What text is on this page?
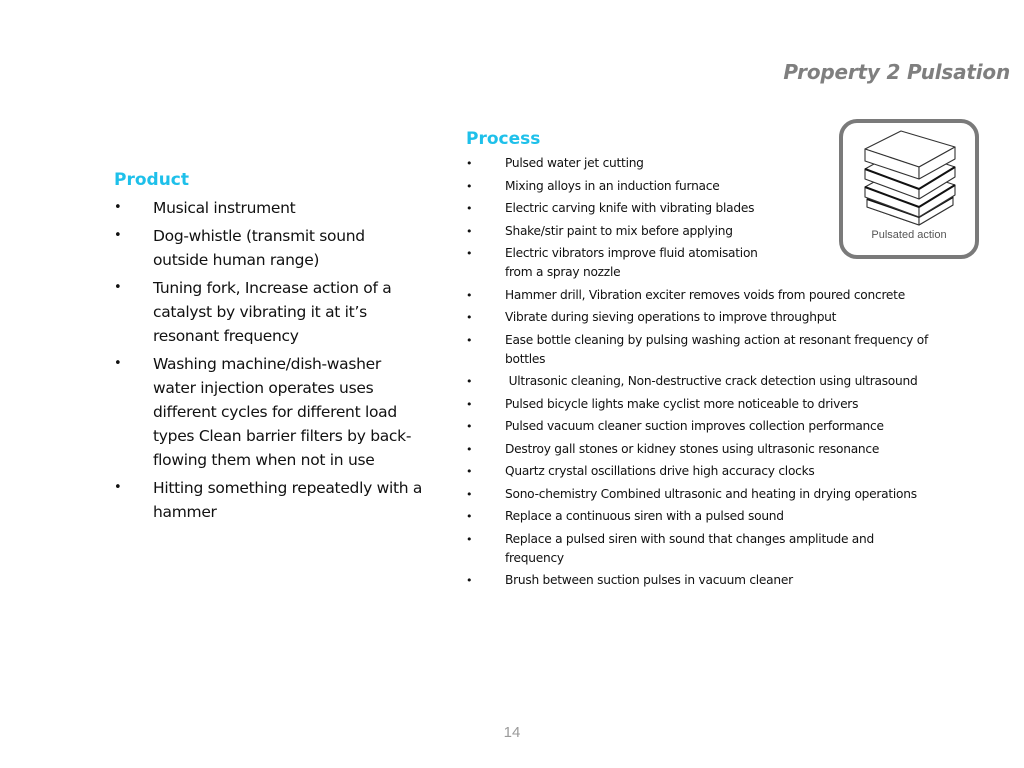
Property 2 Pulsation
Product
• Musical instrument
• Dog-whistle (transmit sound outside human range)
• Tuning fork, Increase action of a catalyst by vibrating it at it’s resonant frequency
• Washing machine/dish-washer water injection operates uses different cycles for different load types Clean barrier filters by back-flowing them when not in use
• Hitting something repeatedly with a hammer
Process
•	Pulsed water jet cutting
•	Mixing alloys in an induction furnace
•	Electric carving knife with vibrating blades
•	Shake/stir paint to mix before applying
•	Electric vibrators improve fluid atomisation
from a spray nozzle
•	Hammer drill, Vibration exciter removes voids from poured concrete
•	Vibrate during sieving operations to improve throughput
•	Ease bottle cleaning by pulsing washing action at resonant frequency of bottles
•	Ultrasonic cleaning, Non-destructive crack detection using ultrasound
•	Pulsed bicycle lights make cyclist more noticeable to drivers
•	Pulsed vacuum cleaner suction improves collection performance
•	Destroy gall stones or kidney stones using ultrasonic resonance
•	Quartz crystal oscillations drive high accuracy clocks
•	Sono-chemistry Combined ultrasonic and heating in drying operations
•	Replace a continuous siren with a pulsed sound
•	Replace a pulsed siren with sound that changes amplitude and frequency
•	Brush between suction pulses in vacuum cleaner
Pulsated action
14
